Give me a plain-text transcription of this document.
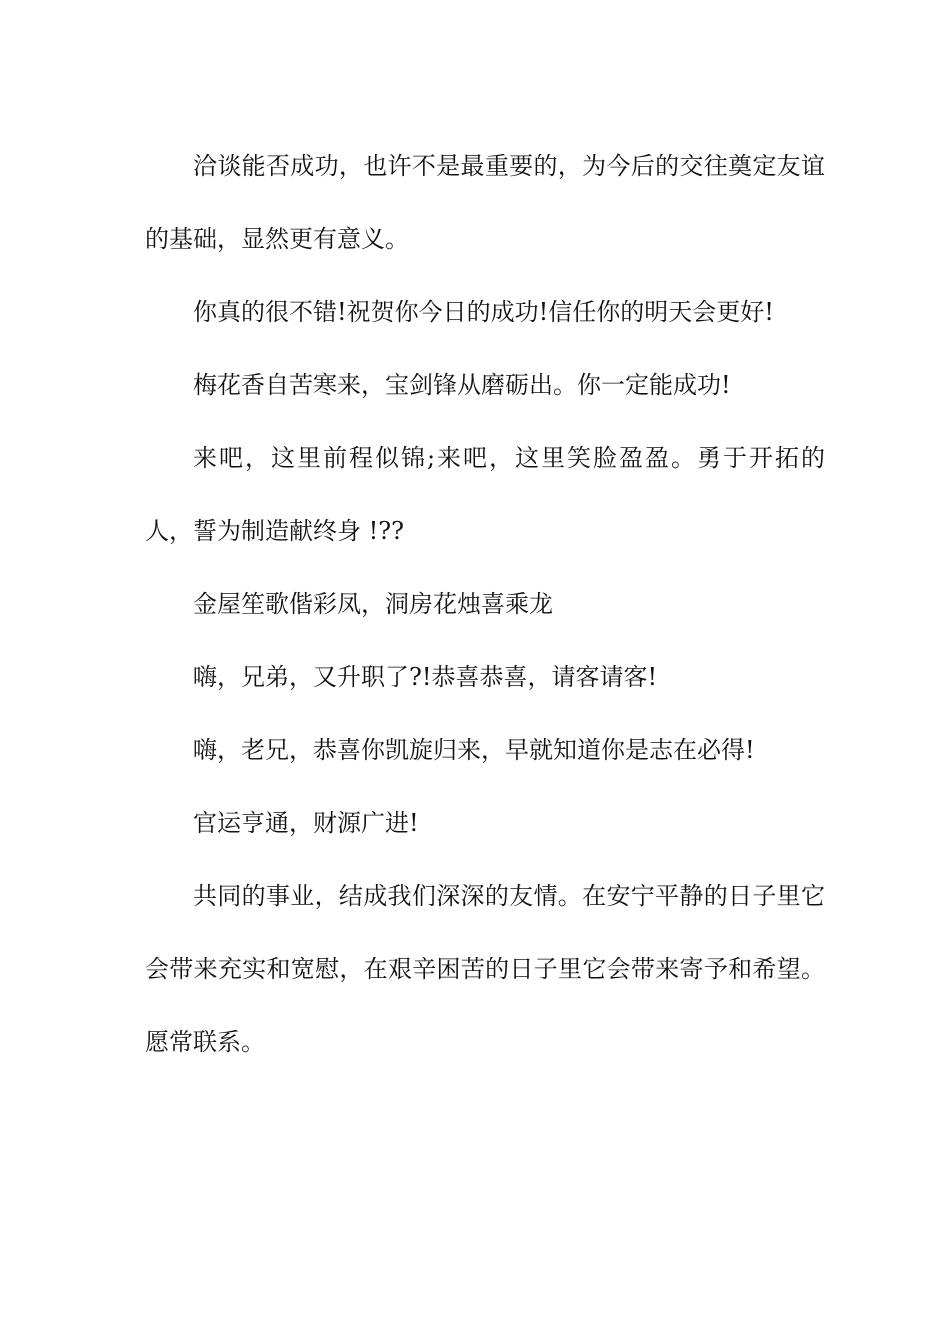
洽谈能否成功，也许不是最重要的，为今后的交往奠定友谊的基础，显然更有意义。

你真的很不错!祝贺你今日的成功!信任你的明天会更好!

梅花香自苦寒来，宝剑锋从磨砺出。你一定能成功!

来吧，这里前程似锦;来吧，这里笑脸盈盈。勇于开拓的人，誓为制造献终身 !??

金屋笙歌偕彩凤，洞房花烛喜乘龙

嗨，兄弟，又升职了?!恭喜恭喜，请客请客!

嗨，老兄，恭喜你凯旋归来，早就知道你是志在必得!

官运亨通，财源广进!

共同的事业，结成我们深深的友情。在安宁平静的日子里它会带来充实和宽慰，在艰辛困苦的日子里它会带来寄予和希望。愿常联系。
